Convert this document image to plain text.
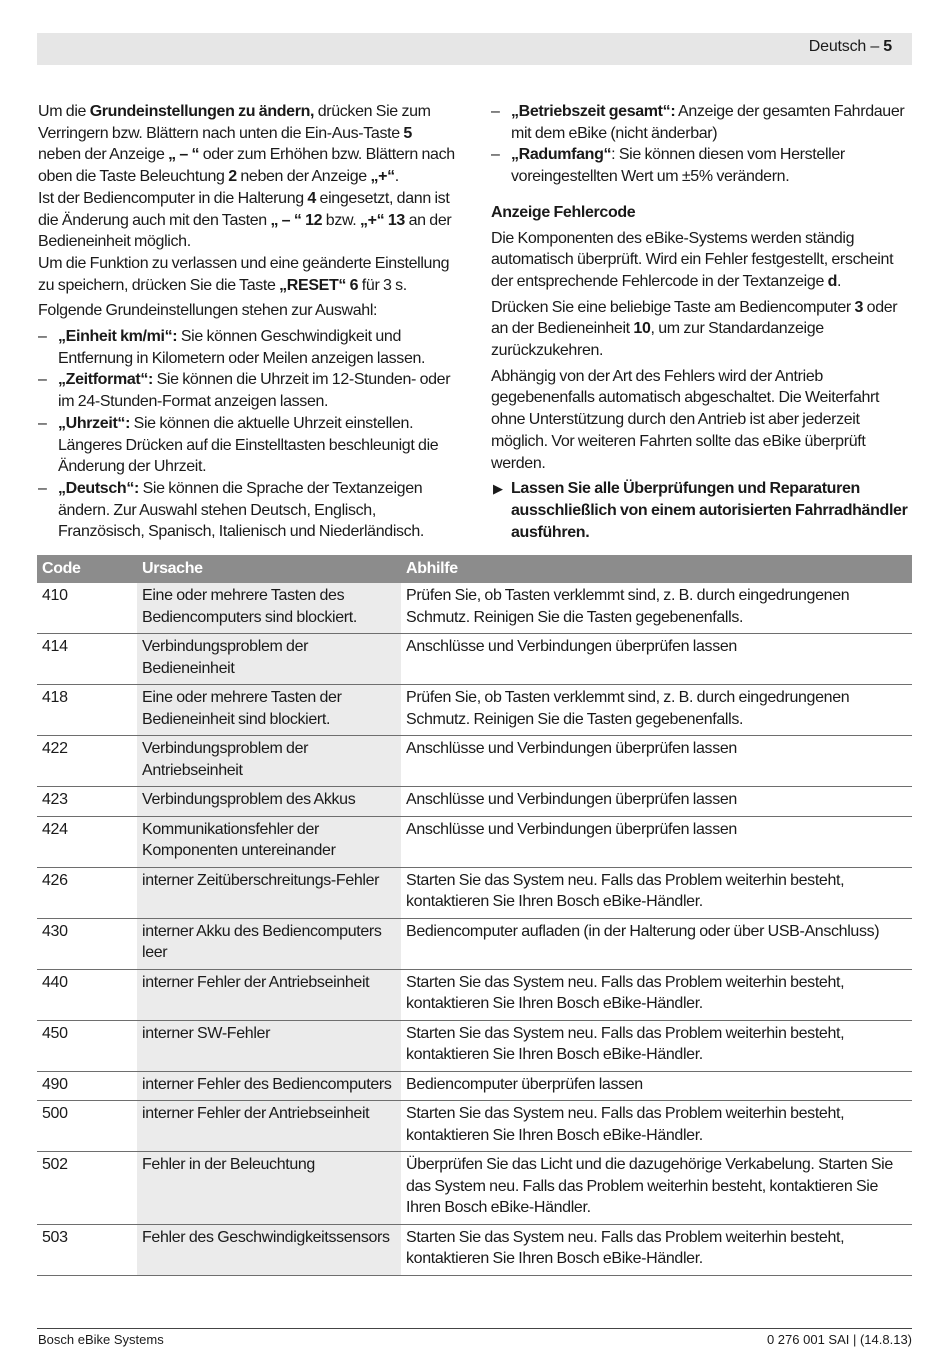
Deutsch – 5

Um die Grundeinstellungen zu ändern, drücken Sie zum Verringern bzw. Blättern nach unten die Ein-Aus-Taste 5 neben der Anzeige „ – “ oder zum Erhöhen bzw. Blättern nach oben die Taste Beleuchtung 2 neben der Anzeige „+“.
Ist der Bediencomputer in die Halterung 4 eingesetzt, dann ist die Änderung auch mit den Tasten „ – “ 12 bzw. „+“ 13 an der Bedieneinheit möglich.
Um die Funktion zu verlassen und eine geänderte Einstellung zu speichern, drücken Sie die Taste „RESET“ 6 für 3 s.

Folgende Grundeinstellungen stehen zur Auswahl:

– „Einheit km/mi“: Sie können Geschwindigkeit und Entfernung in Kilometern oder Meilen anzeigen lassen.

– „Zeitformat“: Sie können die Uhrzeit im 12-Stunden- oder im 24-Stunden-Format anzeigen lassen.

– „Uhrzeit“: Sie können die aktuelle Uhrzeit einstellen. Längeres Drücken auf die Einstelltasten beschleunigt die Änderung der Uhrzeit.

– „Deutsch“: Sie können die Sprache der Textanzeigen ändern. Zur Auswahl stehen Deutsch, Englisch, Französisch, Spanisch, Italienisch und Niederländisch.

– „Betriebszeit gesamt“: Anzeige der gesamten Fahrdauer mit dem eBike (nicht änderbar)

– „Radumfang“: Sie können diesen vom Hersteller voreingestellten Wert um ±5% verändern.

Anzeige Fehlercode

Die Komponenten des eBike-Systems werden ständig automatisch überprüft. Wird ein Fehler festgestellt, erscheint der entsprechende Fehlercode in der Textanzeige d.

Drücken Sie eine beliebige Taste am Bediencomputer 3 oder an der Bedieneinheit 10, um zur Standardanzeige zurückzukehren.

Abhängig von der Art des Fehlers wird der Antrieb gegebenenfalls automatisch abgeschaltet. Die Weiterfahrt ohne Unterstützung durch den Antrieb ist aber jederzeit möglich. Vor weiteren Fahrten sollte das eBike überprüft werden.

▶ Lassen Sie alle Überprüfungen und Reparaturen ausschließlich von einem autorisierten Fahrradhändler ausführen.
Code	Ursache	Abhilfe
410	Eine oder mehrere Tasten des Bediencomputers sind blockiert.	Prüfen Sie, ob Tasten verklemmt sind, z. B. durch eingedrungenen Schmutz. Reinigen Sie die Tasten gegebenenfalls.
414	Verbindungsproblem der Bedieneinheit	Anschlüsse und Verbindungen überprüfen lassen
418	Eine oder mehrere Tasten der Bedieneinheit sind blockiert.	Prüfen Sie, ob Tasten verklemmt sind, z. B. durch eingedrungenen Schmutz. Reinigen Sie die Tasten gegebenenfalls.
422	Verbindungsproblem der Antriebseinheit	Anschlüsse und Verbindungen überprüfen lassen
423	Verbindungsproblem des Akkus	Anschlüsse und Verbindungen überprüfen lassen
424	Kommunikationsfehler der Komponenten untereinander	Anschlüsse und Verbindungen überprüfen lassen
426	interner Zeitüberschreitungs-Fehler	Starten Sie das System neu. Falls das Problem weiterhin besteht, kontaktieren Sie Ihren Bosch eBike-Händler.
430	interner Akku des Bediencomputers leer	Bediencomputer aufladen (in der Halterung oder über USB-Anschluss)
440	interner Fehler der Antriebseinheit	Starten Sie das System neu. Falls das Problem weiterhin besteht, kontaktieren Sie Ihren Bosch eBike-Händler.
450	interner SW-Fehler	Starten Sie das System neu. Falls das Problem weiterhin besteht, kontaktieren Sie Ihren Bosch eBike-Händler.
490	interner Fehler des Bediencomputers	Bediencomputer überprüfen lassen
500	interner Fehler der Antriebseinheit	Starten Sie das System neu. Falls das Problem weiterhin besteht, kontaktieren Sie Ihren Bosch eBike-Händler.
502	Fehler in der Beleuchtung	Überprüfen Sie das Licht und die dazugehörige Verkabelung. Starten Sie das System neu. Falls das Problem weiterhin besteht, kontaktieren Sie Ihren Bosch eBike-Händler.
503	Fehler des Geschwindigkeitssensors	Starten Sie das System neu. Falls das Problem weiterhin besteht, kontaktieren Sie Ihren Bosch eBike-Händler.
Bosch eBike Systems	0 276 001 SAI | (14.8.13)
